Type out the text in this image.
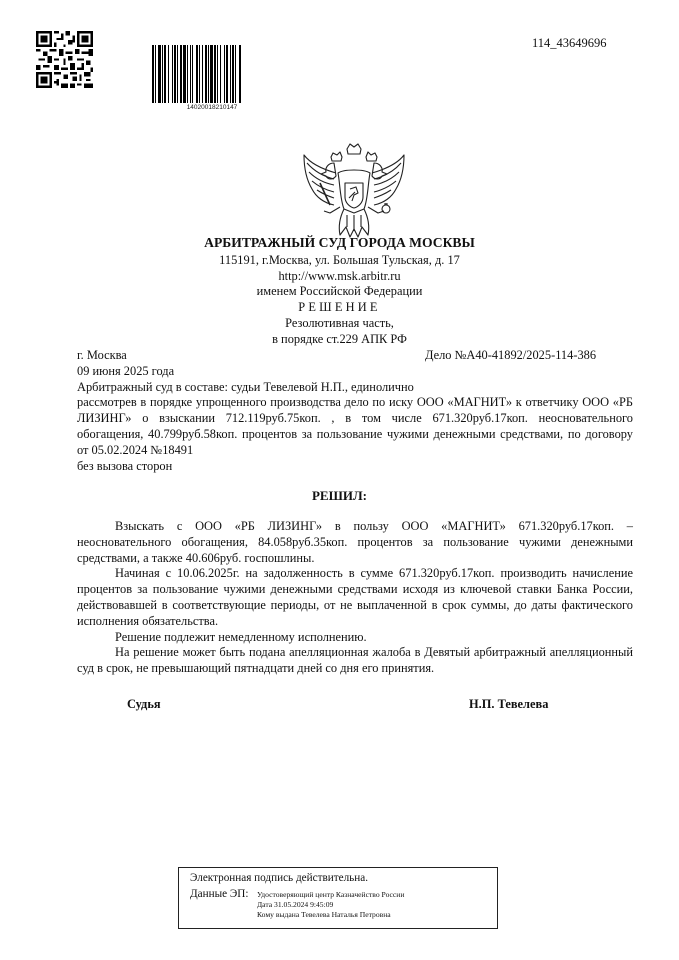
14020018210147
114_43649696
АРБИТРАЖНЫЙ СУД ГОРОДА МОСКВЫ
115191, г.Москва, ул. Большая Тульская, д. 17
http://www.msk.arbitr.ru
именем Российской Федерации
РЕШЕНИЕ
Резолютивная часть,
в порядке ст.229 АПК РФ
Дело №А40-41892/2025-114-386
г. Москва
09 июня 2025 года
Арбитражный суд в составе: судьи Тевелевой Н.П., единолично
рассмотрев в порядке упрощенного производства дело по иску ООО «МАГНИТ» к ответчику ООО «РБ ЛИЗИНГ» о взыскании 712.119руб.75коп. , в том числе 671.320руб.17коп. неосновательного обогащения, 40.799руб.58коп. процентов за пользование чужими денежными средствами, по договору от 05.02.2024 №18491
без вызова сторон
РЕШИЛ:

Взыскать с ООО «РБ ЛИЗИНГ» в пользу ООО «МАГНИТ» 671.320руб.17коп. – неосновательного обогащения, 84.058руб.35коп. процентов за пользование чужими денежными средствами, а также 40.606руб. госпошлины.

Начиная с 10.06.2025г. на задолженность в сумме 671.320руб.17коп. производить начисление процентов за пользование чужими денежными средствами исходя из ключевой ставки Банка России, действовавшей в соответствующие периоды, от не выплаченной в срок суммы, до даты фактического исполнения обязательства.

Решение подлежит немедленному исполнению.

На решение может быть подана апелляционная жалоба в Девятый арбитражный апелляционный суд в срок, не превышающий пятнадцати дней со дня его принятия.

Судья	Н.П. Тевелева
Электронная подпись действительна.
Данные ЭП: Удостоверяющий центр Казначейство России
Дата 31.05.2024 9:45:09
Кому выдана Тевелева Наталья Петровна
